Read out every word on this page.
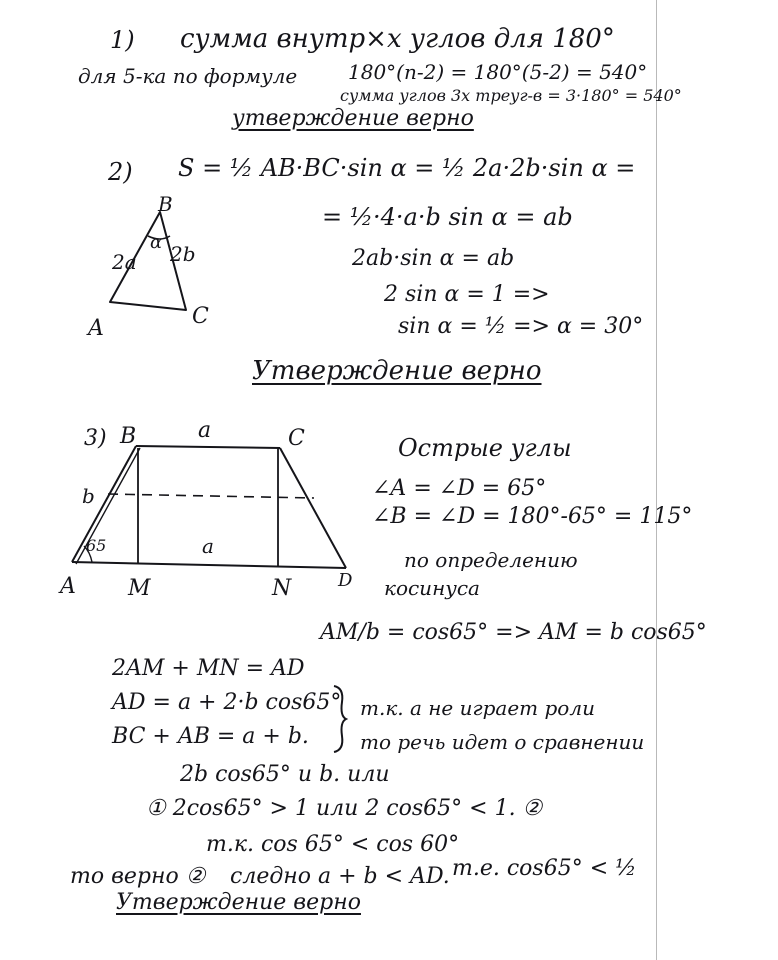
1) сумма внутр×х углов для 180°
для 5-ка по формуле	180°(n-2) = 180°(5-2) = 540°
сумма углов 3х треуг-в = 3·180° = 540°
утверждение верно
2) S = ½ AB·BC·sin α = ½ 2a·2b·sin α =
= ½·4·a·b sin α = ab
2ab·sin α = ab
2 sin α = 1 =>
sin α = ½ => α = 30°
B
A	C
2a 2b
α
Утверждение верно
3) B	C
a
b
a
65
A M	N	D
Острые углы
∠A = ∠D = 65°
∠B = ∠D = 180°-65° = 115°
по определению
косинуса
AM/b = cos65° => AM = b cos65°
2AM + MN = AD
AD = a + 2·b cos65°
BC + AB = a + b.
т.к. a не играет роли
то речь идет о сравнении
2b cos65° и b. или
① 2cos65° > 1 или 2 cos65° < 1. ②
т.к. cos 65° < cos 60°
то верно ② следно a + b < AD. т.е. cos65° < ½
Утверждение верно
